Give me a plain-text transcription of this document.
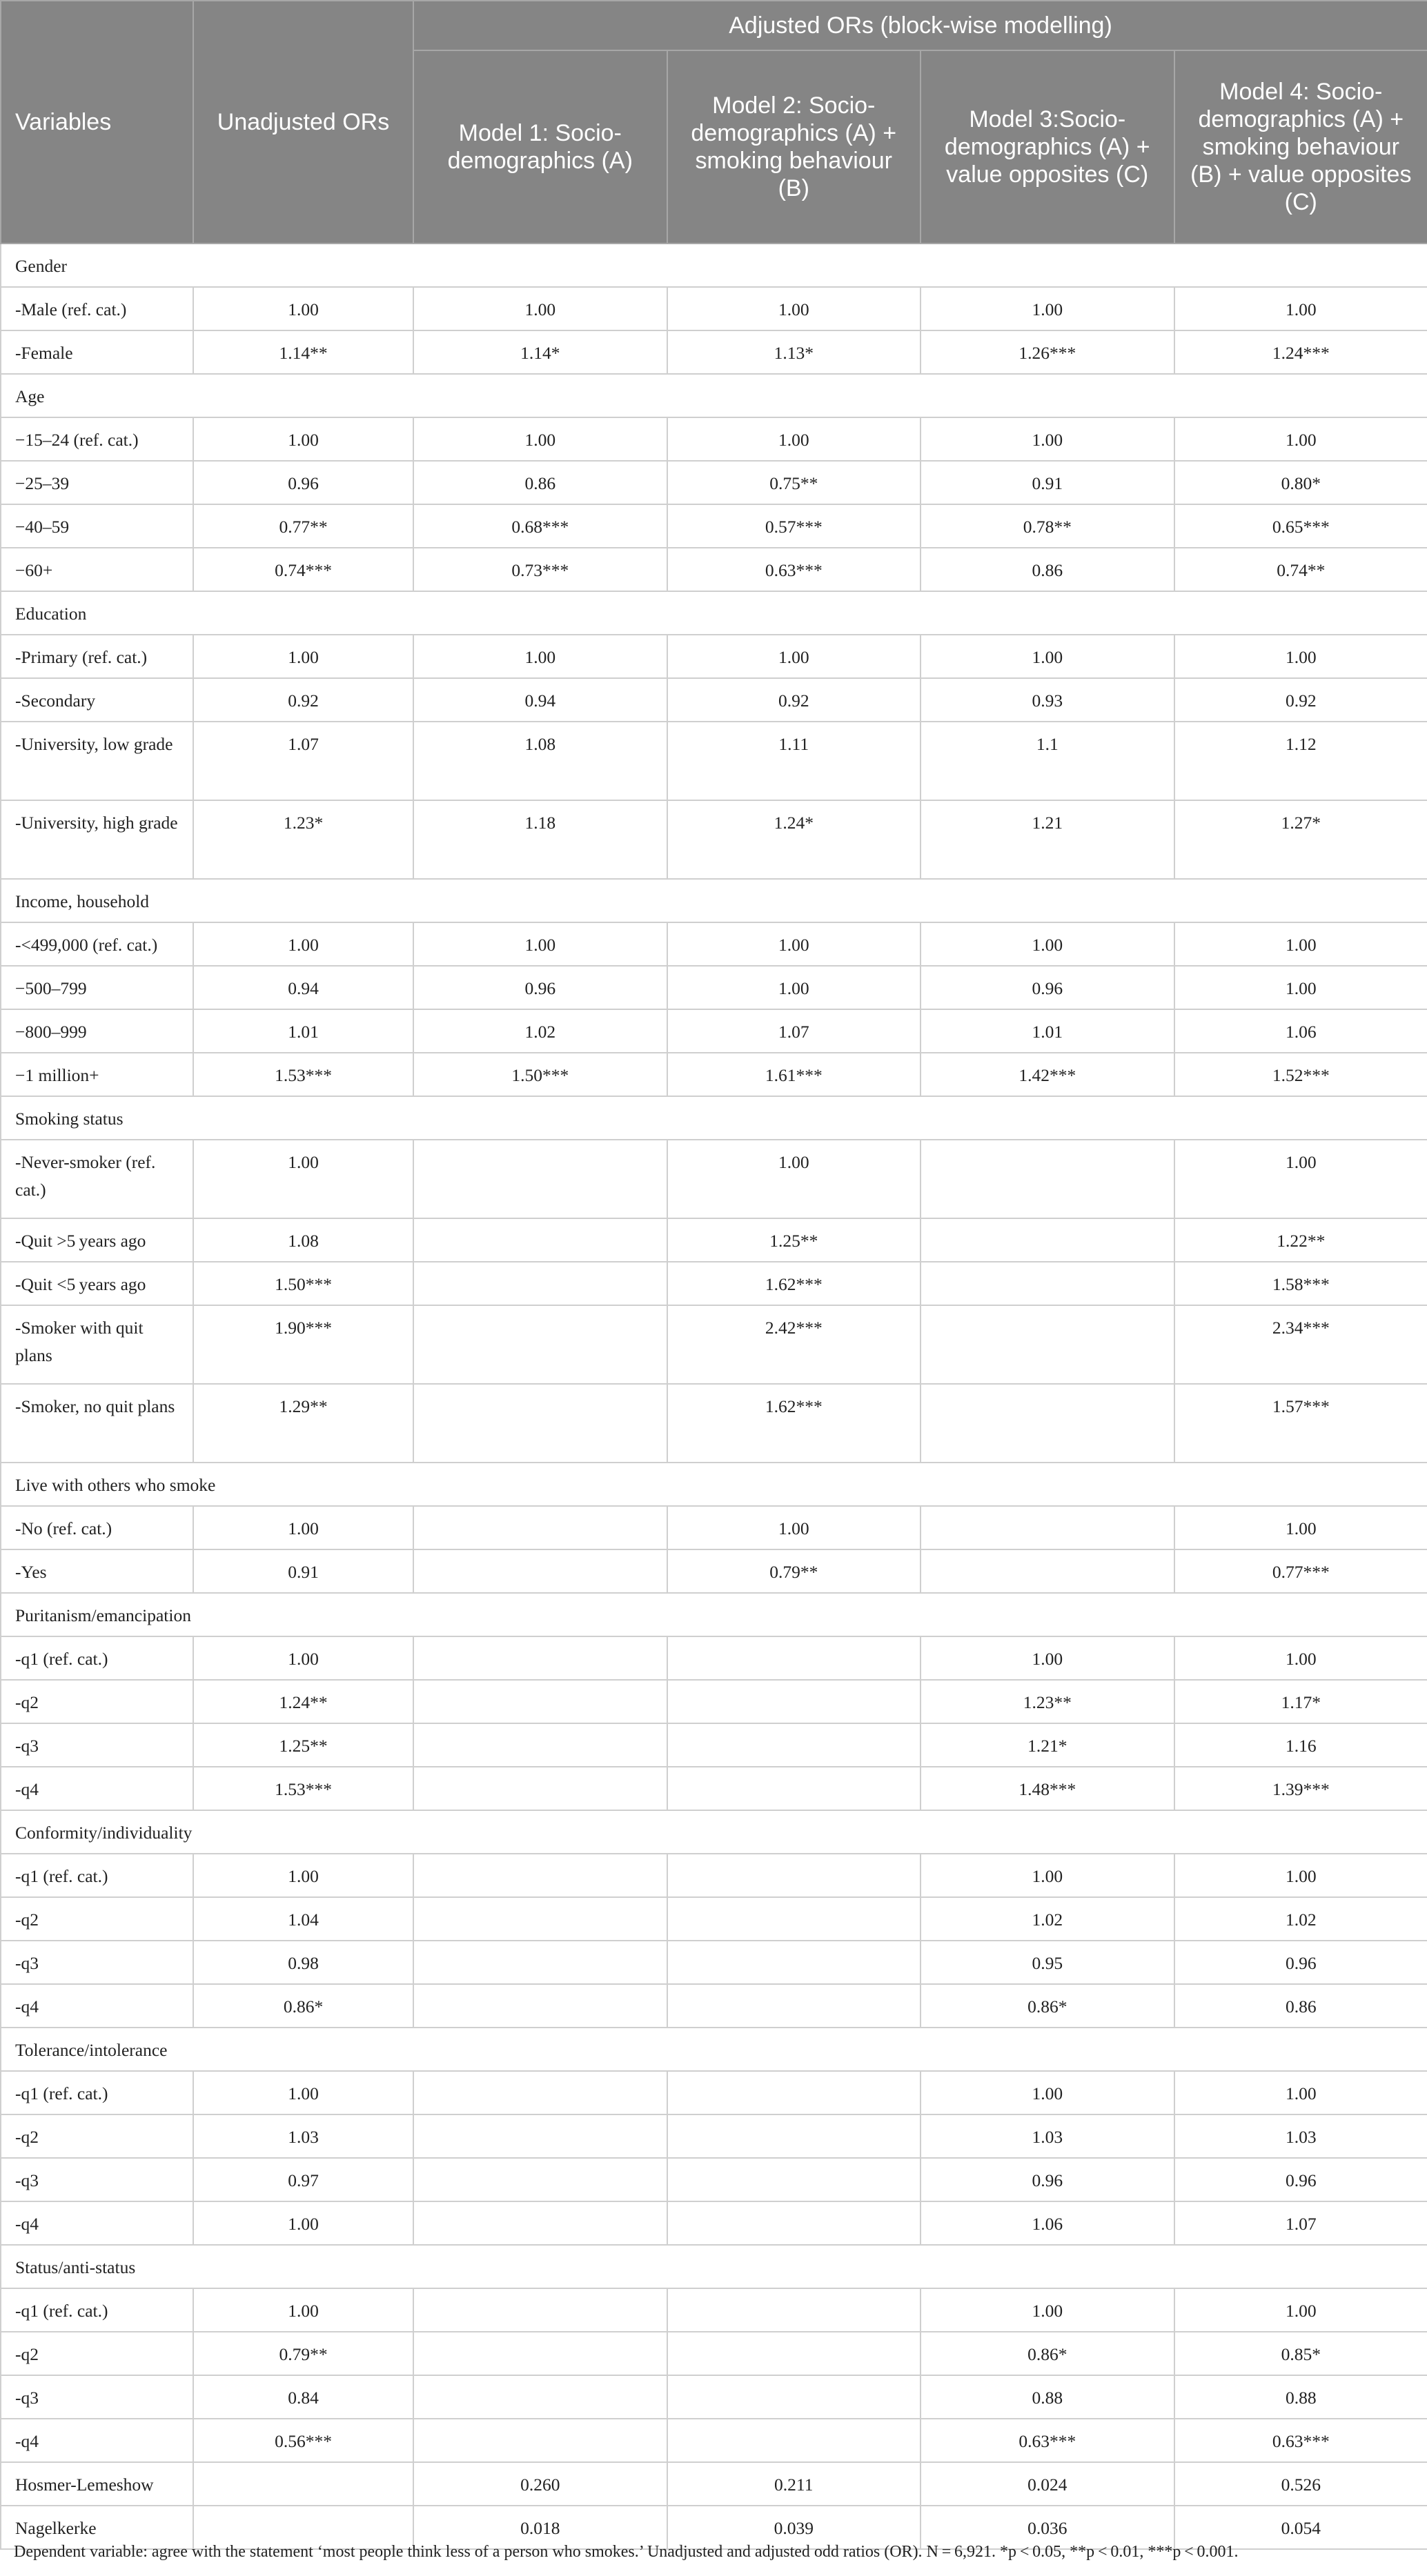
Variables	Unadjusted ORs	Adjusted ORs (block-wise modelling)			
		Model 1: Socio-demographics (A)	Model 2: Socio-demographics (A) + smoking behaviour (B)	Model 3:Socio-demographics (A) + value opposites (C)	Model 4: Socio-demographics (A) + smoking behaviour (B) + value opposites (C)
Gender					
-Male (ref. cat.)	1.00	1.00	1.00	1.00	1.00
-Female	1.14**	1.14*	1.13*	1.26***	1.24***
Age					
−15–24 (ref. cat.)	1.00	1.00	1.00	1.00	1.00
−25–39	0.96	0.86	0.75**	0.91	0.80*
−40–59	0.77**	0.68***	0.57***	0.78**	0.65***
−60+	0.74***	0.73***	0.63***	0.86	0.74**
Education					
-Primary (ref. cat.)	1.00	1.00	1.00	1.00	1.00
-Secondary	0.92	0.94	0.92	0.93	0.92
-University, low grade	1.07	1.08	1.11	1.1	1.12
-University, high grade	1.23*	1.18	1.24*	1.21	1.27*
Income, household					
-<499,000 (ref. cat.)	1.00	1.00	1.00	1.00	1.00
−500–799	0.94	0.96	1.00	0.96	1.00
−800–999	1.01	1.02	1.07	1.01	1.06
−1 million+	1.53***	1.50***	1.61***	1.42***	1.52***
Smoking status					
-Never-smoker (ref. cat.)	1.00		1.00		1.00
-Quit >5 years ago	1.08		1.25**		1.22**
-Quit <5 years ago	1.50***		1.62***		1.58***
-Smoker with quit plans	1.90***		2.42***		2.34***
-Smoker, no quit plans	1.29**		1.62***		1.57***
Live with others who smoke					
-No (ref. cat.)	1.00		1.00		1.00
-Yes	0.91		0.79**		0.77***
Puritanism/emancipation					
-q1 (ref. cat.)	1.00			1.00	1.00
-q2	1.24**			1.23**	1.17*
-q3	1.25**			1.21*	1.16
-q4	1.53***			1.48***	1.39***
Conformity/individuality					
-q1 (ref. cat.)	1.00			1.00	1.00
-q2	1.04			1.02	1.02
-q3	0.98			0.95	0.96
-q4	0.86*			0.86*	0.86
Tolerance/intolerance					
-q1 (ref. cat.)	1.00			1.00	1.00
-q2	1.03			1.03	1.03
-q3	0.97			0.96	0.96
-q4	1.00			1.06	1.07
Status/anti-status					
-q1 (ref. cat.)	1.00			1.00	1.00
-q2	0.79**			0.86*	0.85*
-q3	0.84			0.88	0.88
-q4	0.56***			0.63***	0.63***
Hosmer-Lemeshow		0.260	0.211	0.024	0.526
Nagelkerke		0.018	0.039	0.036	0.054
Dependent variable: agree with the statement ‘most people think less of a person who smokes.’ Unadjusted and adjusted odd ratios (OR). N = 6,921. *p < 0.05, **p < 0.01, ***p < 0.001.
